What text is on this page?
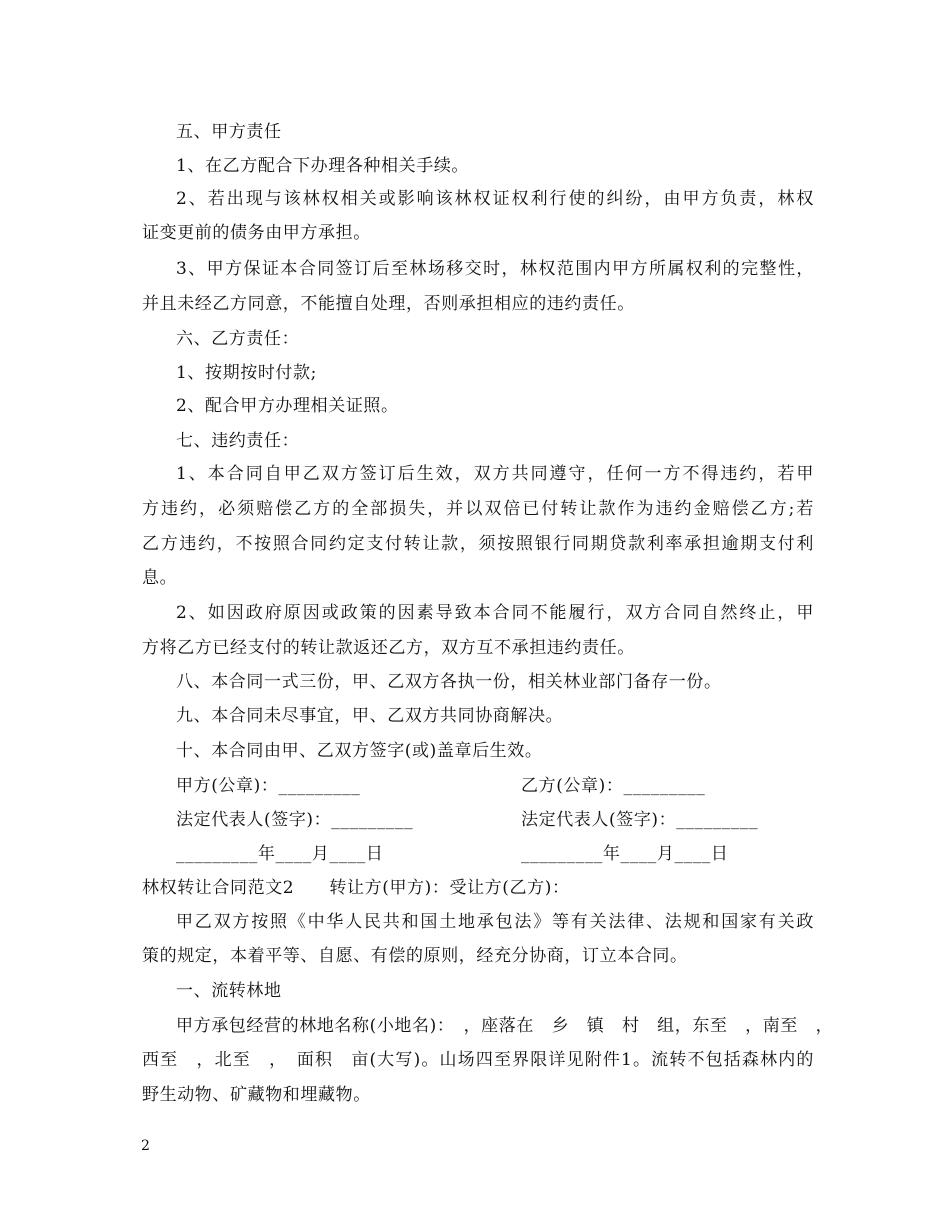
五、甲方责任
1、在乙方配合下办理各种相关手续。
2、若出现与该林权相关或影响该林权证权利行使的纠纷，由甲方负责，林权
证变更前的债务由甲方承担。
3、甲方保证本合同签订后至林场移交时，林权范围内甲方所属权利的完整性，
并且未经乙方同意，不能擅自处理，否则承担相应的违约责任。
六、乙方责任：
1、按期按时付款;
2、配合甲方办理相关证照。
七、违约责任：
1、本合同自甲乙双方签订后生效，双方共同遵守，任何一方不得违约，若甲
方违约，必须赔偿乙方的全部损失，并以双倍已付转让款作为违约金赔偿乙方;若
乙方违约，不按照合同约定支付转让款，须按照银行同期贷款利率承担逾期支付利
息。
2、如因政府原因或政策的因素导致本合同不能履行，双方合同自然终止，甲
方将乙方已经支付的转让款返还乙方，双方互不承担违约责任。
八、本合同一式三份，甲、乙双方各执一份，相关林业部门备存一份。
九、本合同未尽事宜，甲、乙双方共同协商解决。
十、本合同由甲、乙双方签字(或)盖章后生效。
甲方(公章)：_________	乙方(公章)：_________
法定代表人(签字)：_________	法定代表人(签字)：_________
_________年____月____日	_________年____月____日
林权转让合同范文2　　转让方(甲方)：受让方(乙方)：
甲乙双方按照《中华人民共和国土地承包法》等有关法律、法规和国家有关政
策的规定，本着平等、自愿、有偿的原则，经充分协商，订立本合同。
一、流转林地
甲方承包经营的林地名称(小地名)：　，座落在　乡　镇　村　组，东至　，南至　，
西至　，北至　，　面积　亩(大写)。山场四至界限详见附件1。流转不包括森林内的
野生动物、矿藏物和埋藏物。
2
